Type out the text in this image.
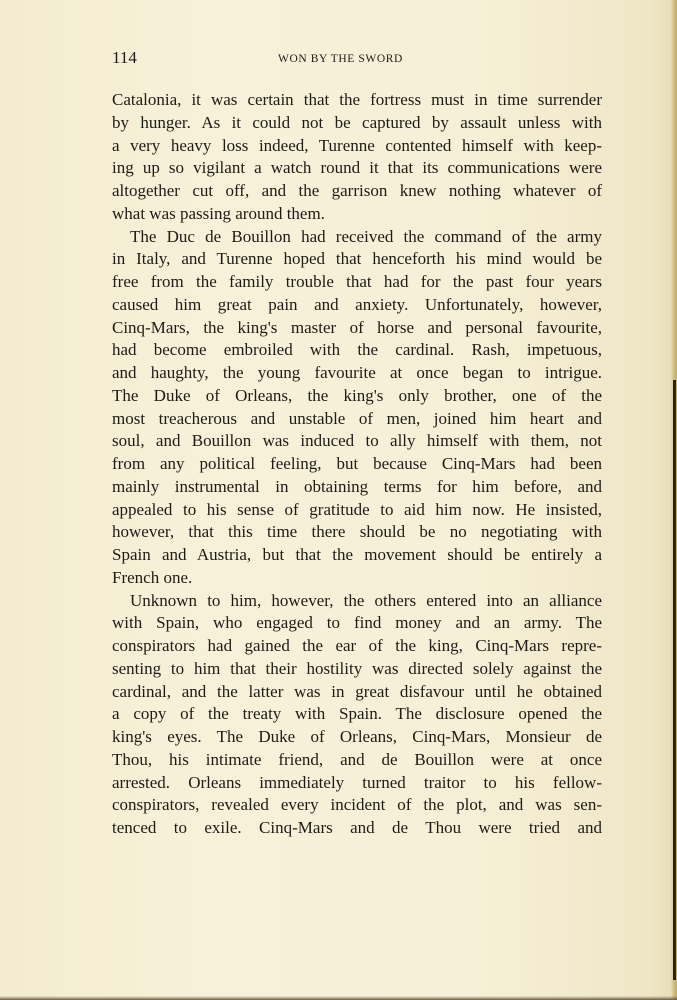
114	WON BY THE SWORD
Catalonia, it was certain that the fortress must in time surrender
by hunger. As it could not be captured by assault unless with
a very heavy loss indeed, Turenne contented himself with keep-
ing up so vigilant a watch round it that its communications were
altogether cut off, and the garrison knew nothing whatever of
what was passing around them.
The Duc de Bouillon had received the command of the army
in Italy, and Turenne hoped that henceforth his mind would be
free from the family trouble that had for the past four years
caused him great pain and anxiety. Unfortunately, however,
Cinq-Mars, the king's master of horse and personal favourite,
had become embroiled with the cardinal. Rash, impetuous,
and haughty, the young favourite at once began to intrigue.
The Duke of Orleans, the king's only brother, one of the
most treacherous and unstable of men, joined him heart and
soul, and Bouillon was induced to ally himself with them, not
from any political feeling, but because Cinq-Mars had been
mainly instrumental in obtaining terms for him before, and
appealed to his sense of gratitude to aid him now. He insisted,
however, that this time there should be no negotiating with
Spain and Austria, but that the movement should be entirely a
French one.
Unknown to him, however, the others entered into an alliance
with Spain, who engaged to find money and an army. The
conspirators had gained the ear of the king, Cinq-Mars repre-
senting to him that their hostility was directed solely against the
cardinal, and the latter was in great disfavour until he obtained
a copy of the treaty with Spain. The disclosure opened the
king's eyes. The Duke of Orleans, Cinq-Mars, Monsieur de
Thou, his intimate friend, and de Bouillon were at once
arrested. Orleans immediately turned traitor to his fellow-
conspirators, revealed every incident of the plot, and was sen-
tenced to exile. Cinq-Mars and de Thou were tried and
